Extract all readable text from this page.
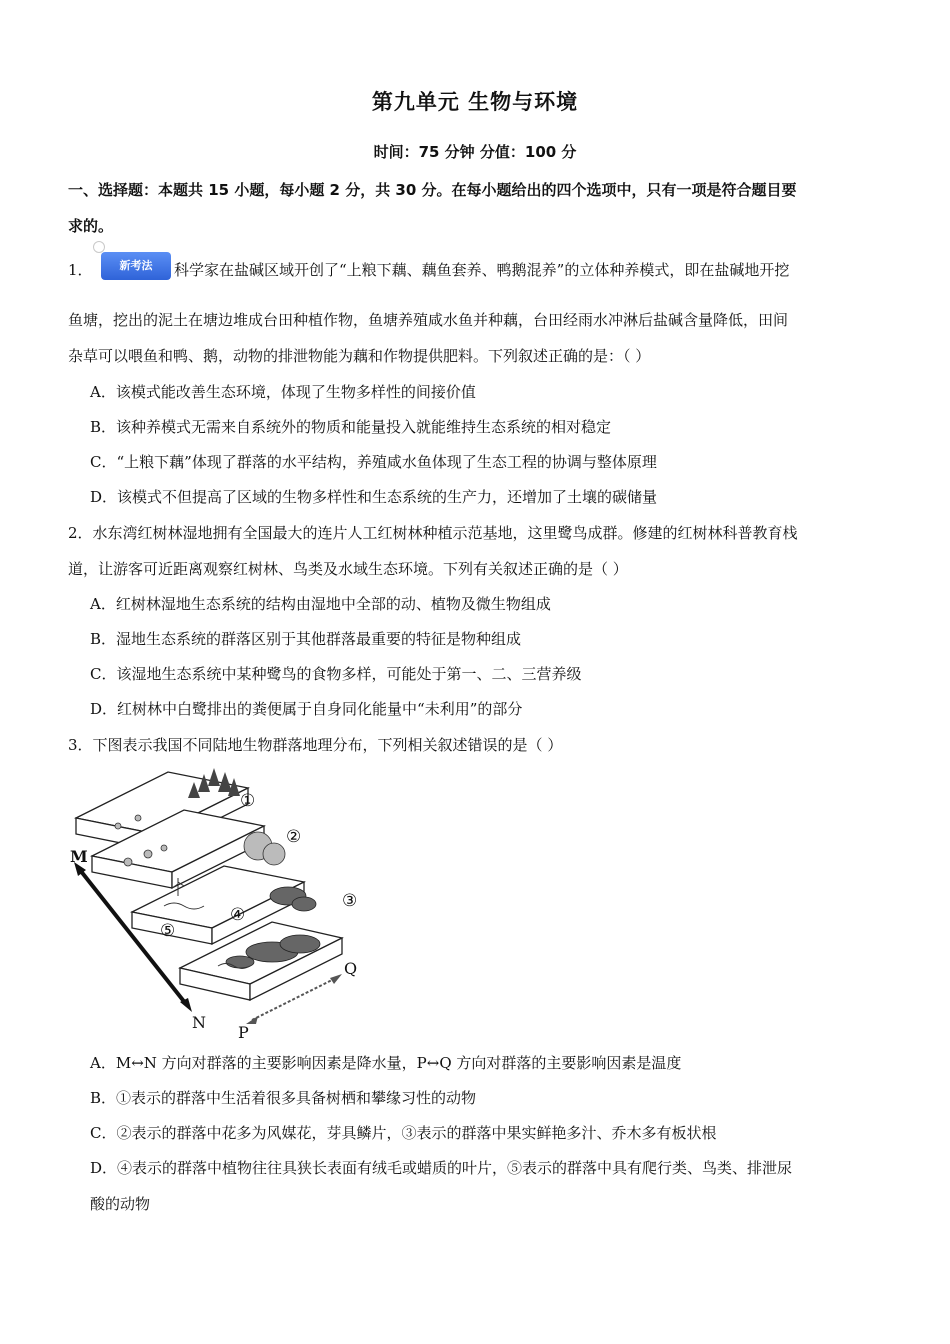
第九单元 生物与环境
时间：75 分钟 分值：100 分
一、选择题：本题共 15 小题，每小题 2 分，共 30 分。在每小题给出的四个选项中，只有一项是符合题目要
求的。
1．	新考法	科学家在盐碱区域开创了“上粮下藕、藕鱼套养、鸭鹅混养”的立体种养模式，即在盐碱地开挖
鱼塘，挖出的泥土在塘边堆成台田种植作物，鱼塘养殖咸水鱼并种藕，台田经雨水冲淋后盐碱含量降低，田间
杂草可以喂鱼和鸭、鹅，动物的排泄物能为藕和作物提供肥料。下列叙述正确的是：（ ）
A．该模式能改善生态环境，体现了生物多样性的间接价值
B．该种养模式无需来自系统外的物质和能量投入就能维持生态系统的相对稳定
C．“上粮下藕”体现了群落的水平结构，养殖咸水鱼体现了生态工程的协调与整体原理
D．该模式不但提高了区域的生物多样性和生态系统的生产力，还增加了土壤的碳储量
2．水东湾红树林湿地拥有全国最大的连片人工红树林种植示范基地，这里鹭鸟成群。修建的红树林科普教育栈
道，让游客可近距离观察红树林、鸟类及水域生态环境。下列有关叙述正确的是（ ）
A．红树林湿地生态系统的结构由湿地中全部的动、植物及微生物组成
B．湿地生态系统的群落区别于其他群落最重要的特征是物种组成
C．该湿地生态系统中某种鹭鸟的食物多样，可能处于第一、二、三营养级
D．红树林中白鹭排出的粪便属于自身同化能量中“未利用”的部分
3．下图表示我国不同陆地生物群落地理分布，下列相关叙述错误的是（ ）
①
②
③
④
⑤
M
N
P
Q
A．M↔N 方向对群落的主要影响因素是降水量，P↔Q 方向对群落的主要影响因素是温度
B．①表示的群落中生活着很多具备树栖和攀缘习性的动物
C．②表示的群落中花多为风媒花，芽具鳞片，③表示的群落中果实鲜艳多汁、乔木多有板状根
D．④表示的群落中植物往往具狭长表面有绒毛或蜡质的叶片，⑤表示的群落中具有爬行类、鸟类、排泄尿
酸的动物
